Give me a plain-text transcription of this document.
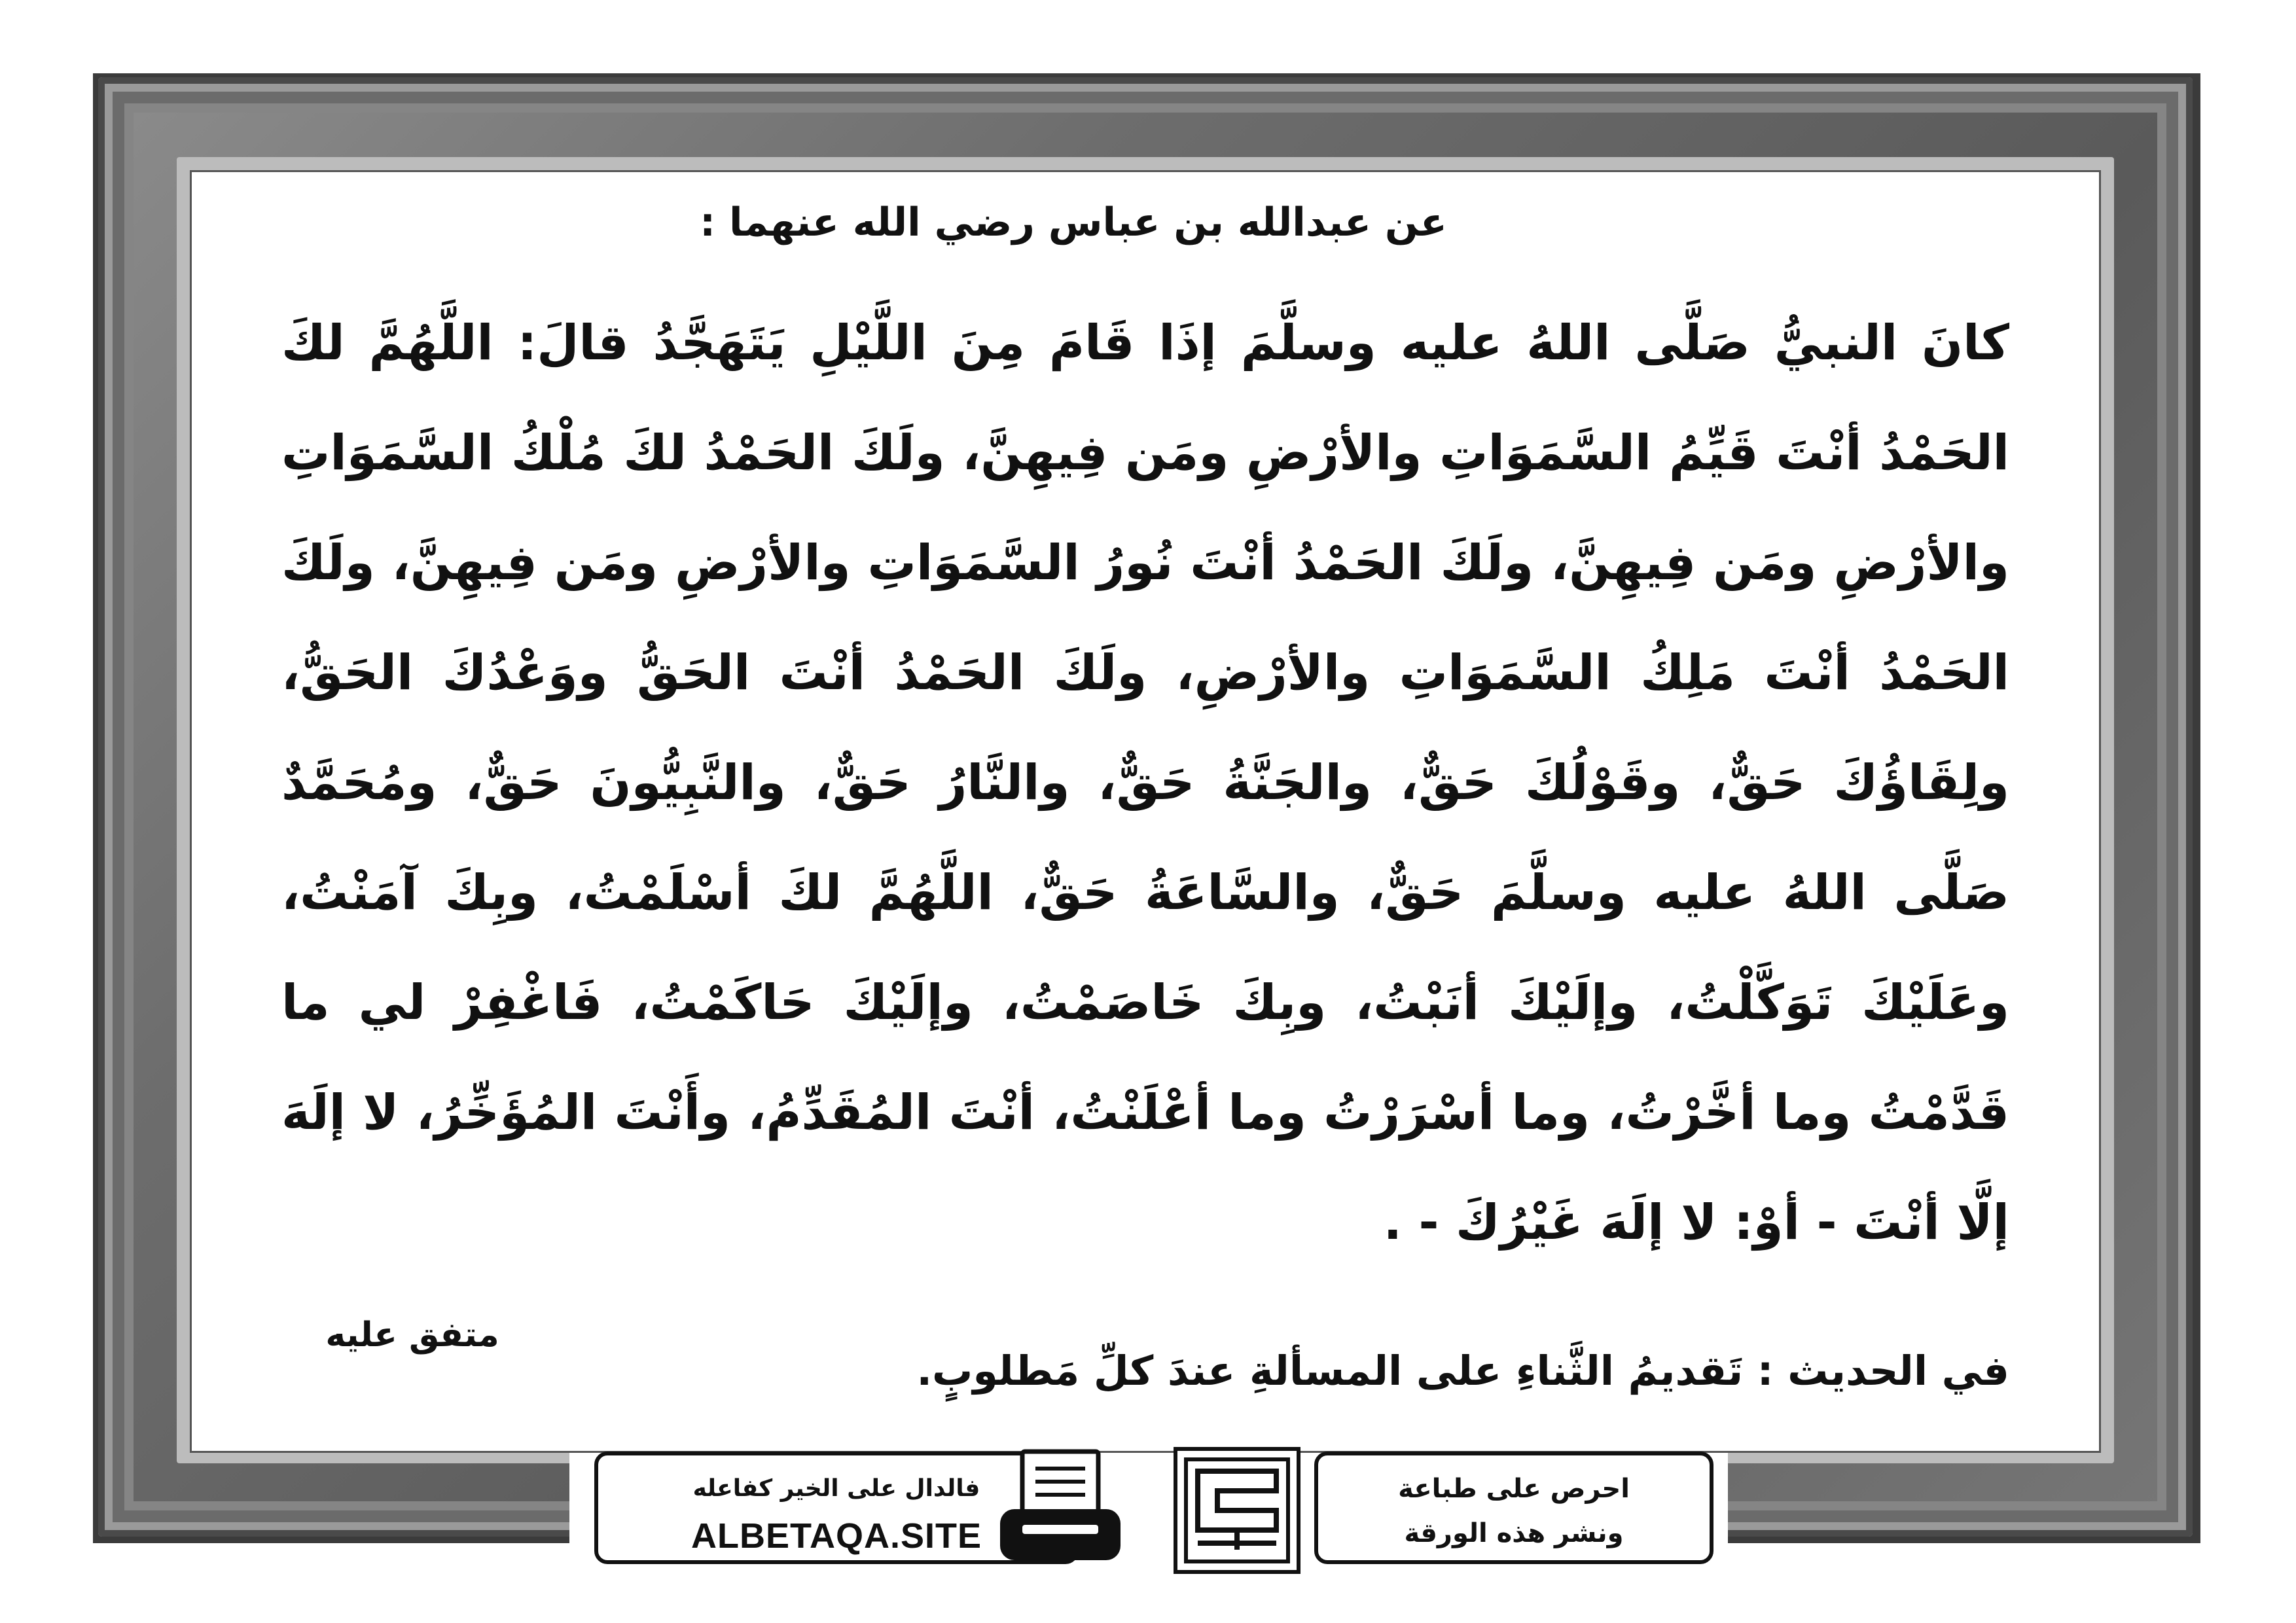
عن عبدالله بن عباس رضي الله عنهما :
كانَ النبيُّ صَلَّى اللهُ عليه وسلَّمَ إذَا قَامَ مِنَ اللَّيْلِ يَتَهَجَّدُ قالَ: اللَّهُمَّ لكَ الحَمْدُ أنْتَ قَيِّمُ السَّمَوَاتِ والأرْضِ ومَن فِيهِنَّ، ولَكَ الحَمْدُ لكَ مُلْكُ السَّمَوَاتِ والأرْضِ ومَن فِيهِنَّ، ولَكَ الحَمْدُ أنْتَ نُورُ السَّمَوَاتِ والأرْضِ ومَن فِيهِنَّ، ولَكَ الحَمْدُ أنْتَ مَلِكُ السَّمَوَاتِ والأرْضِ، ولَكَ الحَمْدُ أنْتَ الحَقُّ ووَعْدُكَ الحَقُّ، ولِقَاؤُكَ حَقٌّ، وقَوْلُكَ حَقٌّ، والجَنَّةُ حَقٌّ، والنَّارُ حَقٌّ، والنَّبِيُّونَ حَقٌّ، ومُحَمَّدٌ صَلَّى اللهُ عليه وسلَّمَ حَقٌّ، والسَّاعَةُ حَقٌّ، اللَّهُمَّ لكَ أسْلَمْتُ، وبِكَ آمَنْتُ، وعَلَيْكَ تَوَكَّلْتُ، وإلَيْكَ أنَبْتُ، وبِكَ خَاصَمْتُ، وإلَيْكَ حَاكَمْتُ، فَاغْفِرْ لي ما قَدَّمْتُ وما أخَّرْتُ، وما أسْرَرْتُ وما أعْلَنْتُ، أنْتَ المُقَدِّمُ، وأَنْتَ المُؤَخِّرُ، لا إلَهَ إلَّا أنْتَ - أوْ: لا إلَهَ غَيْرُكَ - .
متفق عليه
في الحديث : تَقديمُ الثَّناءِ على المسألةِ عندَ كلِّ مَطلوبٍ.
فالدال على الخير كفاعله
ALBETAQA.SITE
احرص على طباعة
ونشر هذه الورقة
